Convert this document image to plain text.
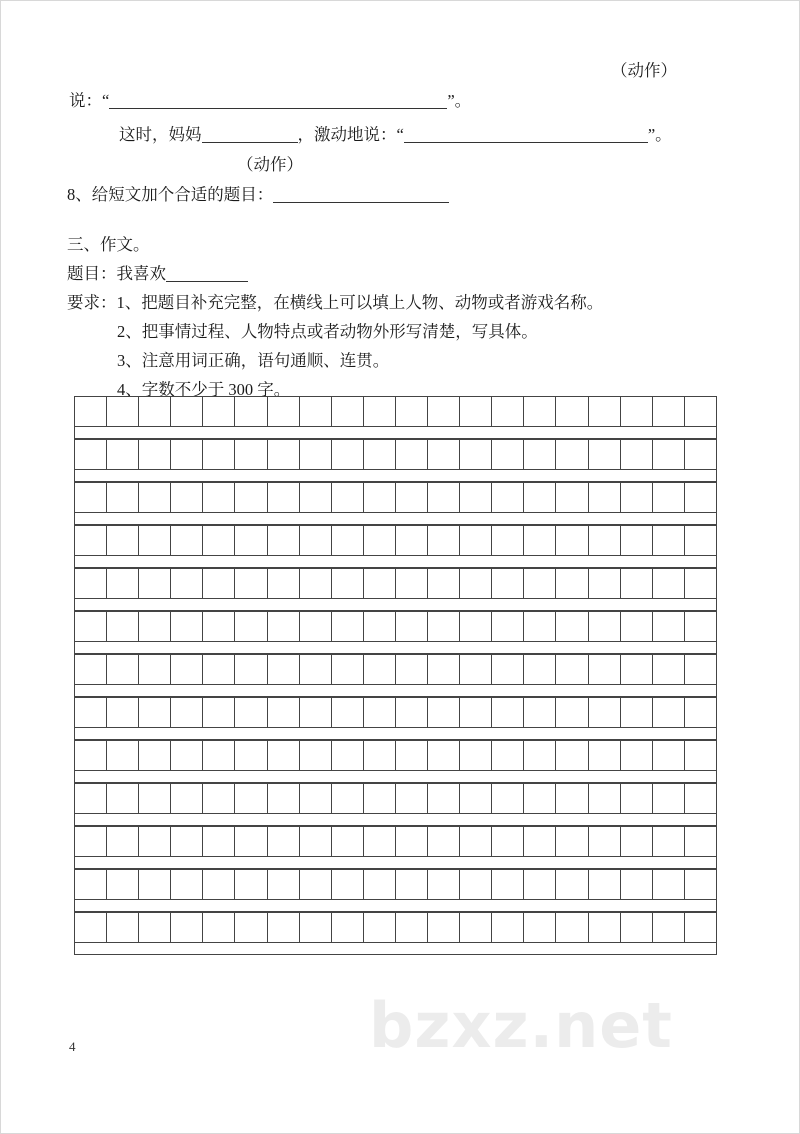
bzxz.net
（动作）
说：“	”。
这时，妈妈	，激动地说：“	”。
（动作）
8、给短文加个合适的题目：
三、作文。
题目：我喜欢
要求：1、把题目补充完整，在横线上可以填上人物、动物或者游戏名称。
2、把事情过程、人物特点或者动物外形写清楚，写具体。
3、注意用词正确，语句通顺、连贯。
4、字数不少于 300 字。
4
